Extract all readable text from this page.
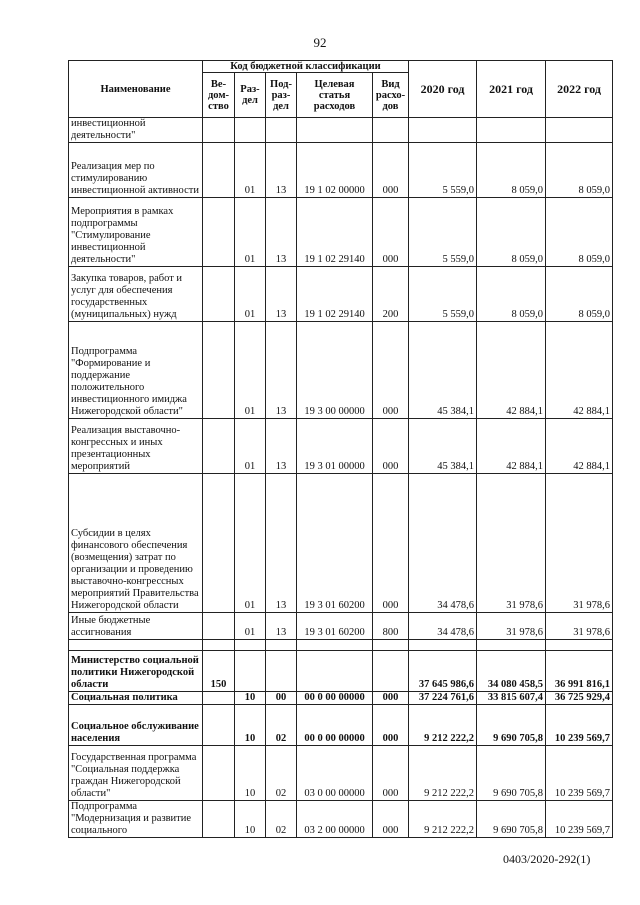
92
Наименование	Код бюджетной классификации					2020 год	2021 год	2022 год
	Ве-дом-ство	Раз-дел	Под-раз-дел	Целевая статья расходов	Вид расхо-дов			
инвестиционной деятельности"								
Реализация мер по стимулированию инвестиционной активности		01	13	19 1 02 00000	000	5 559,0	8 059,0	8 059,0
Мероприятия в рамках подпрограммы "Стимулирование инвестиционной деятельности"		01	13	19 1 02 29140	000	5 559,0	8 059,0	8 059,0
Закупка товаров, работ и услуг для обеспечения государственных (муниципальных) нужд		01	13	19 1 02 29140	200	5 559,0	8 059,0	8 059,0
Подпрограмма "Формирование и поддержание положительного инвестиционного имиджа Нижегородской области"		01	13	19 3 00 00000	000	45 384,1	42 884,1	42 884,1
Реализация выставочно-конгрессных и иных презентационных мероприятий		01	13	19 3 01 00000	000	45 384,1	42 884,1	42 884,1
Субсидии в целях финансового обеспечения (возмещения) затрат по организации и проведению выставочно-конгрессных мероприятий Правительства Нижегородской области		01	13	19 3 01 60200	000	34 478,6	31 978,6	31 978,6
Иные бюджетные ассигнования		01	13	19 3 01 60200	800	34 478,6	31 978,6	31 978,6

Министерство социальной политики Нижегородской области	150					37 645 986,6	34 080 458,5	36 991 816,1
Социальная политика		10	00	00 0 00 00000	000	37 224 761,6	33 815 607,4	36 725 929,4
Социальное обслуживание населения		10	02	00 0 00 00000	000	9 212 222,2	9 690 705,8	10 239 569,7
Государственная программа "Социальная поддержка граждан Нижегородской области"		10	02	03 0 00 00000	000	9 212 222,2	9 690 705,8	10 239 569,7
Подпрограмма "Модернизация и развитие социального		10	02	03 2 00 00000	000	9 212 222,2	9 690 705,8	10 239 569,7
0403/2020-292(1)
